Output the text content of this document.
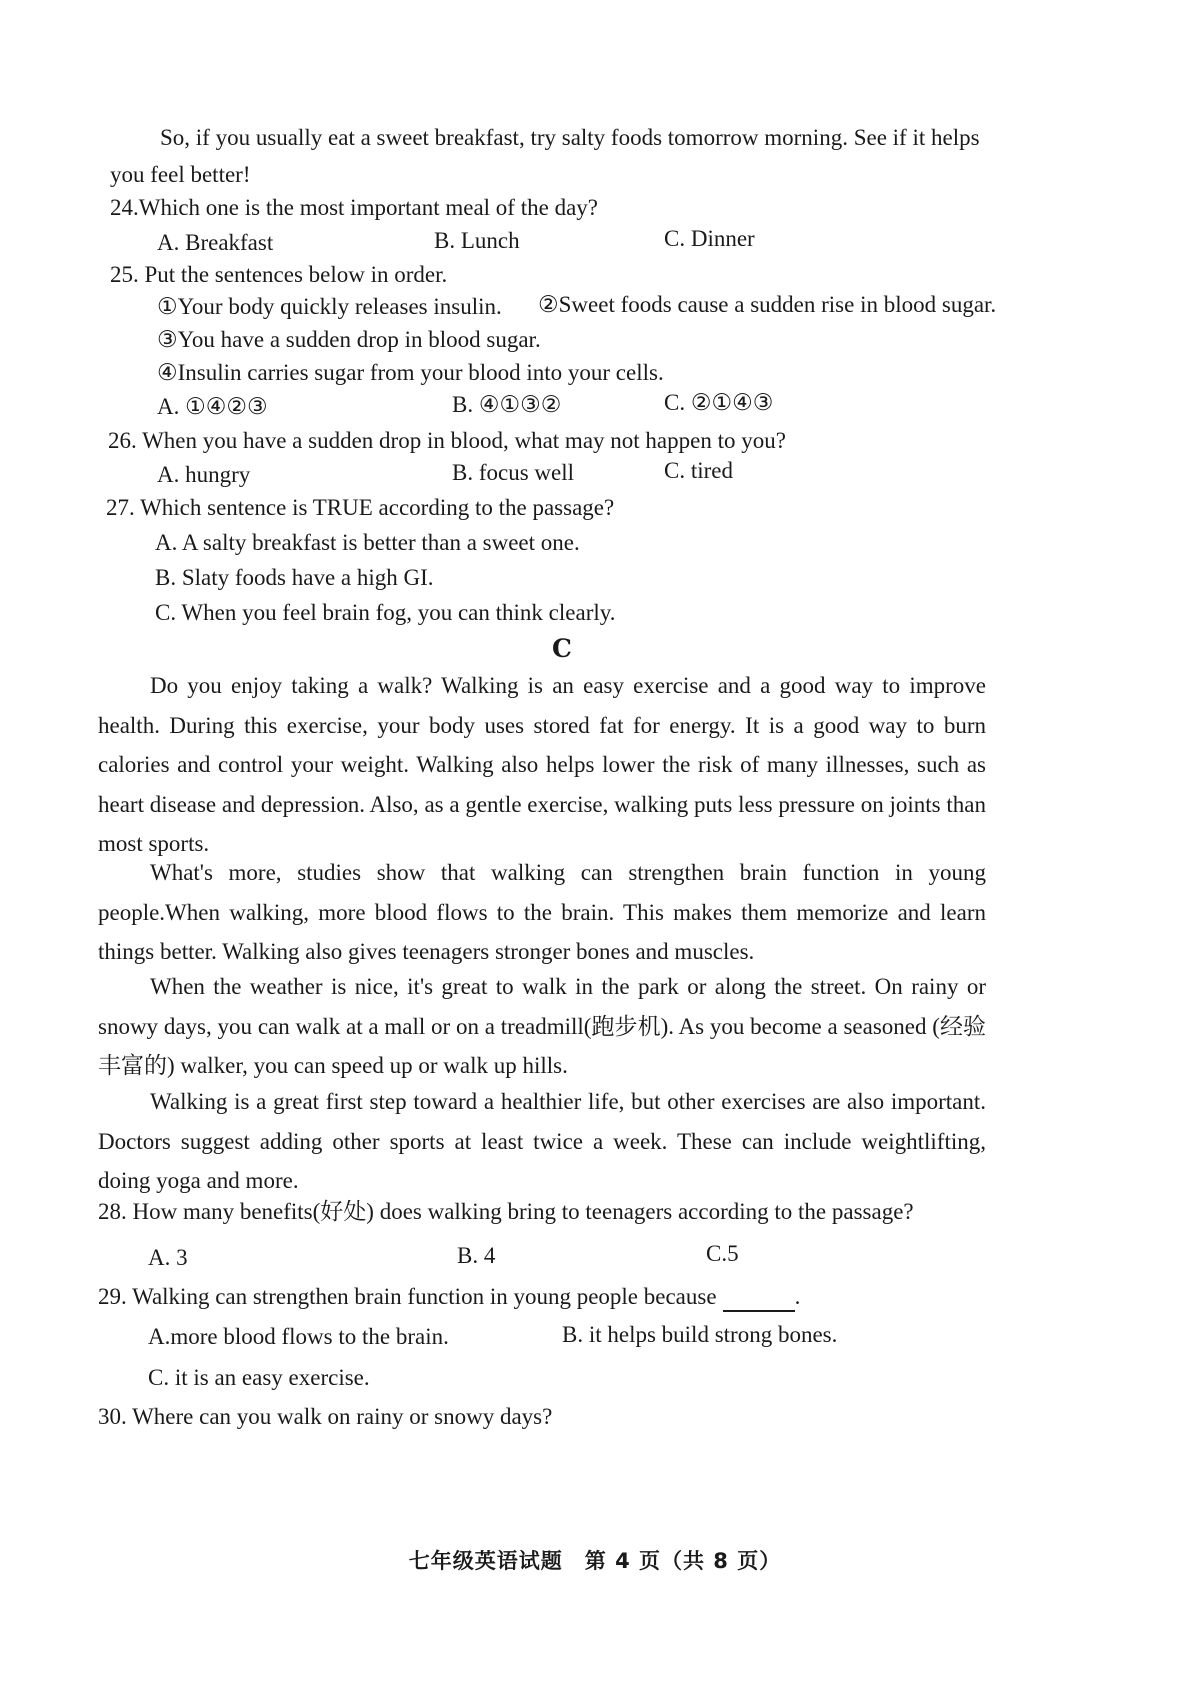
So, if you usually eat a sweet breakfast, try salty foods tomorrow morning. See if it helps
you feel better!
24.Which one is the most important meal of the day?
A. Breakfast	B. Lunch	C. Dinner
25. Put the sentences below in order.
①Your body quickly releases insulin. ②Sweet foods cause a sudden rise in blood sugar.
③You have a sudden drop in blood sugar.
④Insulin carries sugar from your blood into your cells.
A. ①④②③	B. ④①③②	C. ②①④③
26. When you have a sudden drop in blood, what may not happen to you?
A. hungry	B. focus well	C. tired
27. Which sentence is TRUE according to the passage?
A. A salty breakfast is better than a sweet one.
B. Slaty foods have a high GI.
C. When you feel brain fog, you can think clearly.
C
Do you enjoy taking a walk? Walking is an easy exercise and a good way to improve health. During this exercise, your body uses stored fat for energy. It is a good way to burn calories and control your weight. Walking also helps lower the risk of many illnesses, such as heart disease and depression. Also, as a gentle exercise, walking puts less pressure on joints than most sports.
What's more, studies show that walking can strengthen brain function in young people.When walking, more blood flows to the brain. This makes them memorize and learn things better. Walking also gives teenagers stronger bones and muscles.
When the weather is nice, it's great to walk in the park or along the street. On rainy or snowy days, you can walk at a mall or on a treadmill(跑步机). As you become a seasoned (经验丰富的) walker, you can speed up or walk up hills.
Walking is a great first step toward a healthier life, but other exercises are also important. Doctors suggest adding other sports at least twice a week. These can include weightlifting, doing yoga and more.
28. How many benefits(好处) does walking bring to teenagers according to the passage?
A. 3	B. 4	C.5
29. Walking can strengthen brain function in young people because	.
A.more blood flows to the brain.	B. it helps build strong bones.
C. it is an easy exercise.
30. Where can you walk on rainy or snowy days?
七年级英语试题　第 4 页（共 8 页）
